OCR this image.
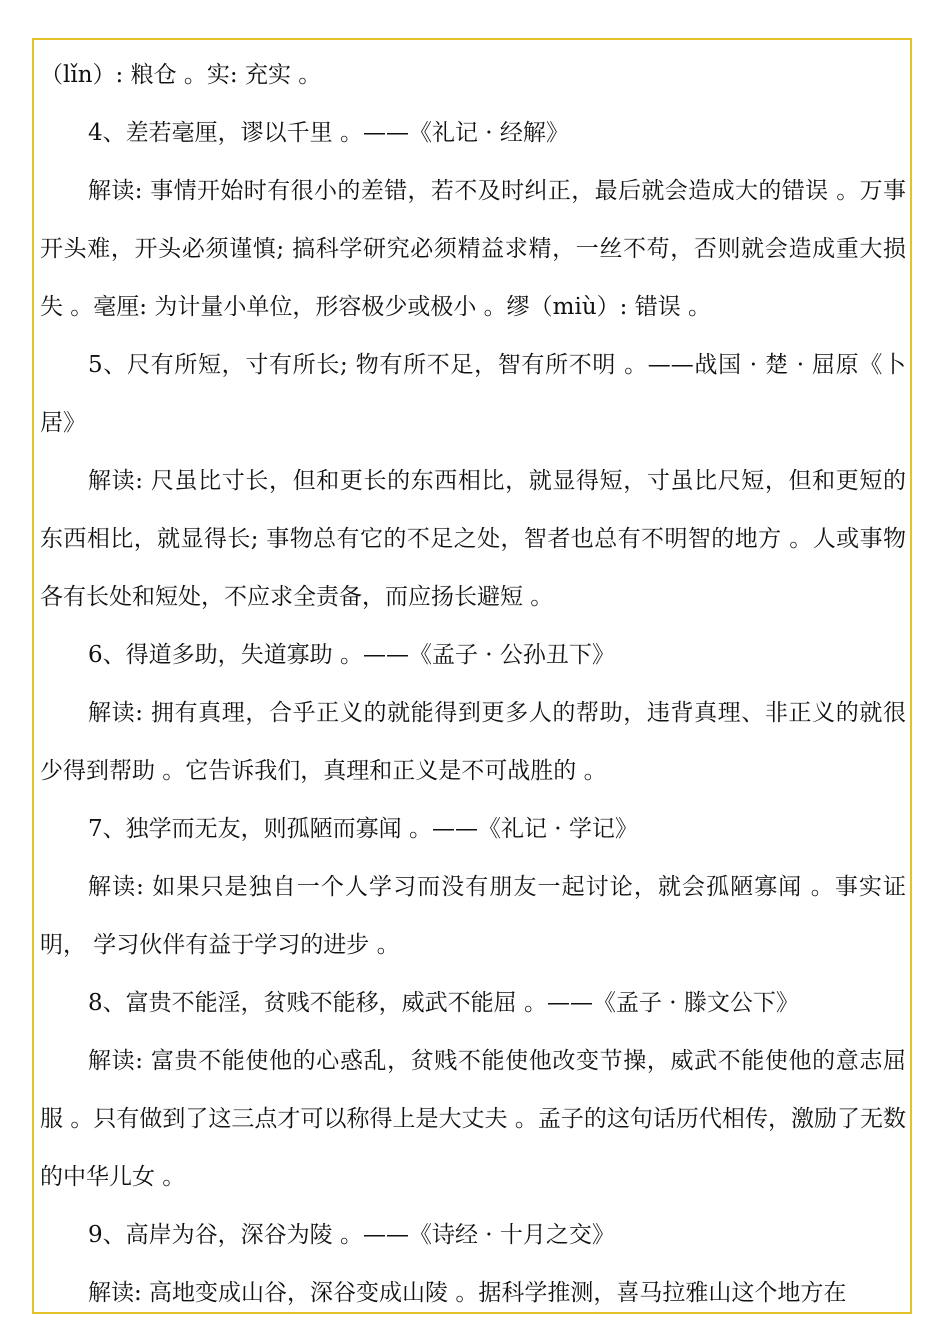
（lǐn）: 粮仓 。实: 充实 。

4、差若毫厘，谬以千里 。——《礼记 · 经解》

解读: 事情开始时有很小的差错，若不及时纠正，最后就会造成大的错误 。万事开头难，开头必须谨慎; 搞科学研究必须精益求精，一丝不苟，否则就会造成重大损失 。毫厘: 为计量小单位，形容极少或极小 。缪（miù）: 错误 。

5、尺有所短，寸有所长; 物有所不足，智有所不明 。——战国 · 楚 · 屈原《卜居》

解读: 尺虽比寸长，但和更长的东西相比，就显得短，寸虽比尺短，但和更短的东西相比，就显得长; 事物总有它的不足之处，智者也总有不明智的地方 。人或事物各有长处和短处，不应求全责备，而应扬长避短 。

6、得道多助，失道寡助 。——《孟子 · 公孙丑下》

解读: 拥有真理，合乎正义的就能得到更多人的帮助，违背真理、非正义的就很少得到帮助 。它告诉我们，真理和正义是不可战胜的 。

7、独学而无友，则孤陋而寡闻 。——《礼记 · 学记》

解读: 如果只是独自一个人学习而没有朋友一起讨论，就会孤陋寡闻 。事实证明， 学习伙伴有益于学习的进步 。

8、富贵不能淫，贫贱不能移，威武不能屈 。——《孟子 · 滕文公下》

解读: 富贵不能使他的心惑乱，贫贱不能使他改变节操，威武不能使他的意志屈服 。只有做到了这三点才可以称得上是大丈夫 。孟子的这句话历代相传，激励了无数的中华儿女 。

9、高岸为谷，深谷为陵 。——《诗经 · 十月之交》

解读: 高地变成山谷，深谷变成山陵 。据科学推测，喜马拉雅山这个地方在
